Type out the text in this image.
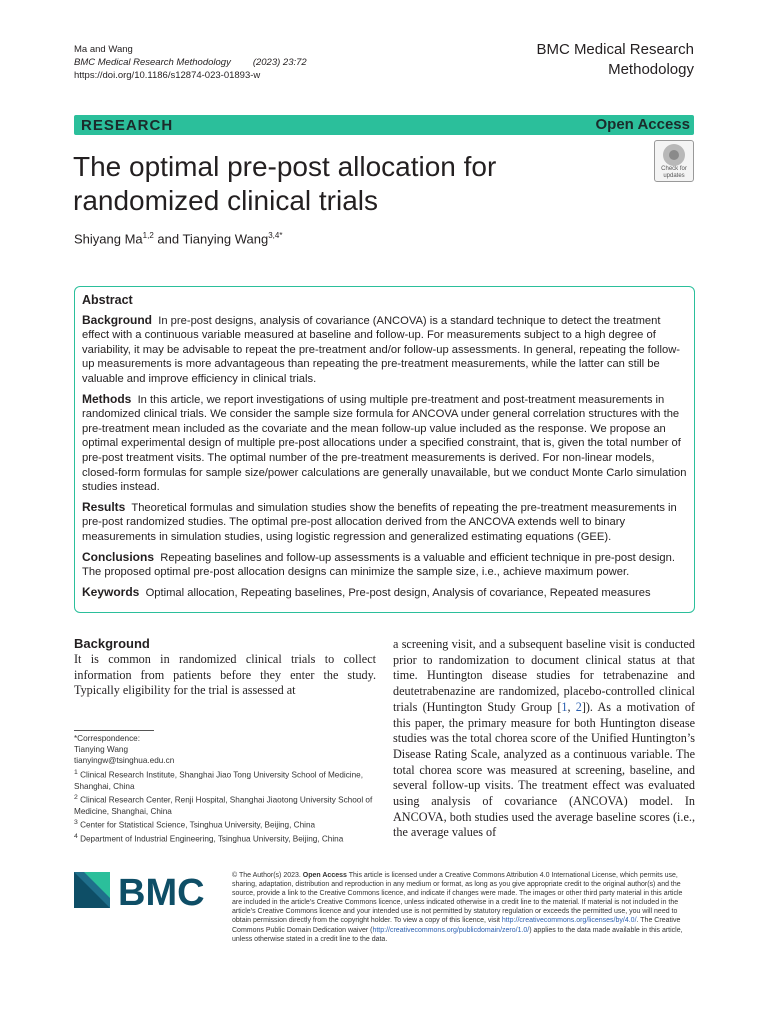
Ma and Wang
BMC Medical Research Methodology (2023) 23:72
https://doi.org/10.1186/s12874-023-01893-w
BMC Medical Research
Methodology
RESEARCH	Open Access
The optimal pre-post allocation for randomized clinical trials
Shiyang Ma$^{1,2}$ and Tianying Wang$^{3,4*}$
Check for
updates
Abstract

Background In pre-post designs, analysis of covariance (ANCOVA) is a standard technique to detect the treatment effect with a continuous variable measured at baseline and follow-up. For measurements subject to a high degree of variability, it may be advisable to repeat the pre-treatment and/or follow-up assessments. In general, repeating the follow-up measurements is more advantageous than repeating the pre-treatment measurements, while the latter can still be valuable and improve efficiency in clinical trials.

Methods In this article, we report investigations of using multiple pre-treatment and post-treatment measurements in randomized clinical trials. We consider the sample size formula for ANCOVA under general correlation structures with the pre-treatment mean included as the covariate and the mean follow-up value included as the response. We propose an optimal experimental design of multiple pre-post allocations under a specified constraint, that is, given the total number of pre-post treatment visits. The optimal number of the pre-treatment measurements is derived. For non-linear models, closed-form formulas for sample size/power calculations are generally unavailable, but we conduct Monte Carlo simulation studies instead.

Results Theoretical formulas and simulation studies show the benefits of repeating the pre-treatment measurements in pre-post randomized studies. The optimal pre-post allocation derived from the ANCOVA extends well to binary measurements in simulation studies, using logistic regression and generalized estimating equations (GEE).

Conclusions Repeating baselines and follow-up assessments is a valuable and efficient technique in pre-post design. The proposed optimal pre-post allocation designs can minimize the sample size, i.e., achieve maximum power.

Keywords Optimal allocation, Repeating baselines, Pre-post design, Analysis of covariance, Repeated measures

Background

It is common in randomized clinical trials to collect information from patients before they enter the study. Typically eligibility for the trial is assessed at

a screening visit, and a subsequent baseline visit is conducted prior to randomization to document clinical status at that time. Huntington disease studies for tetrabenazine and deutetrabenazine are randomized, placebo-controlled clinical trials (Huntington Study Group [1, 2]). As a motivation of this paper, the primary measure for both Huntington disease studies was the total chorea score of the Unified Huntington’s Disease Rating Scale, analyzed as a continuous variable. The total chorea score was measured at screening, baseline, and several follow-up visits. The treatment effect was evaluated using analysis of covariance (ANCOVA) model. In ANCOVA, both studies used the average baseline scores (i.e., the average values of

*Correspondence:
Tianying Wang
tianyingw@tsinghua.edu.cn
$^1$ Clinical Research Institute, Shanghai Jiao Tong University School of Medicine, Shanghai, China
$^2$ Clinical Research Center, Renji Hospital, Shanghai Jiaotong University School of Medicine, Shanghai, China
$^3$ Center for Statistical Science, Tsinghua University, Beijing, China
$^4$ Department of Industrial Engineering, Tsinghua University, Beijing, China
BMC	© The Author(s) 2023. Open Access This article is licensed under a Creative Commons Attribution 4.0 International License, which permits use, sharing, adaptation, distribution and reproduction in any medium or format, as long as you give appropriate credit to the original author(s) and the source, provide a link to the Creative Commons licence, and indicate if changes were made. The images or other third party material in this article are included in the article’s Creative Commons licence, unless indicated otherwise in a credit line to the material. If material is not included in the article’s Creative Commons licence and your intended use is not permitted by statutory regulation or exceeds the permitted use, you will need to obtain permission directly from the copyright holder. To view a copy of this licence, visit http://creativecommons.org/licenses/by/4.0/. The Creative Commons Public Domain Dedication waiver (http://creativecommons.org/publicdomain/zero/1.0/) applies to the data made available in this article, unless otherwise stated in a credit line to the data.
